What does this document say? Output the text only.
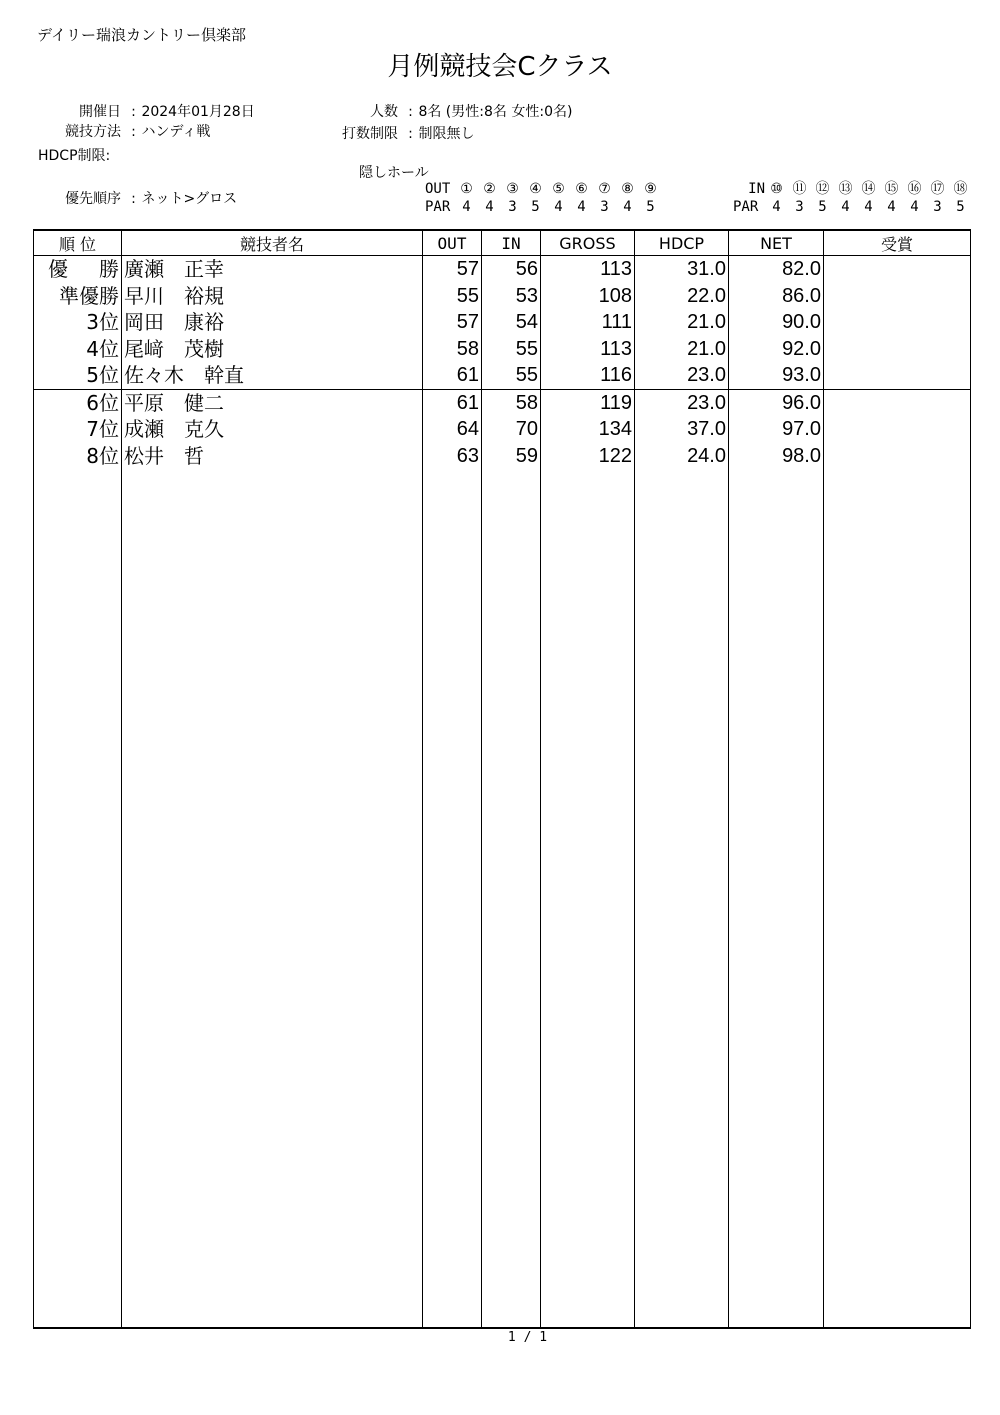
デイリー瑞浪カントリー倶楽部
月例競技会Cクラス
開催日 : 2024年01月28日
競技方法 : ハンディ戦
HDCP制限:
優先順序 : ネット>グロス
人数 : 8名 (男性:8名 女性:0名)
打数制限 : 制限無し
隠しホール
OUT ① ② ③ ④ ⑤ ⑥ ⑦ ⑧ ⑨
PAR 4 4 3 5 4 4 3 4 5
IN ⑩ ⑪ ⑫ ⑬ ⑭ ⑮ ⑯ ⑰ ⑱
PAR 4 3 5 4 4 4 4 3 5
順 位	競技者名	OUT	IN	GROSS	HDCP	NET	受賞
優 勝	廣瀬　正幸	57	56	113	31.0	82.0	
準優勝	早川　裕規	55	53	108	22.0	86.0	
3位	岡田　康裕	57	54	111	21.0	90.0	
4位	尾﨑　茂樹	58	55	113	21.0	92.0	
5位	佐々木　幹直	61	55	116	23.0	93.0	
6位	平原　健二	61	58	119	23.0	96.0	
7位	成瀬　克久	64	70	134	37.0	97.0	
8位	松井　哲	63	59	122	24.0	98.0	

1 / 1
